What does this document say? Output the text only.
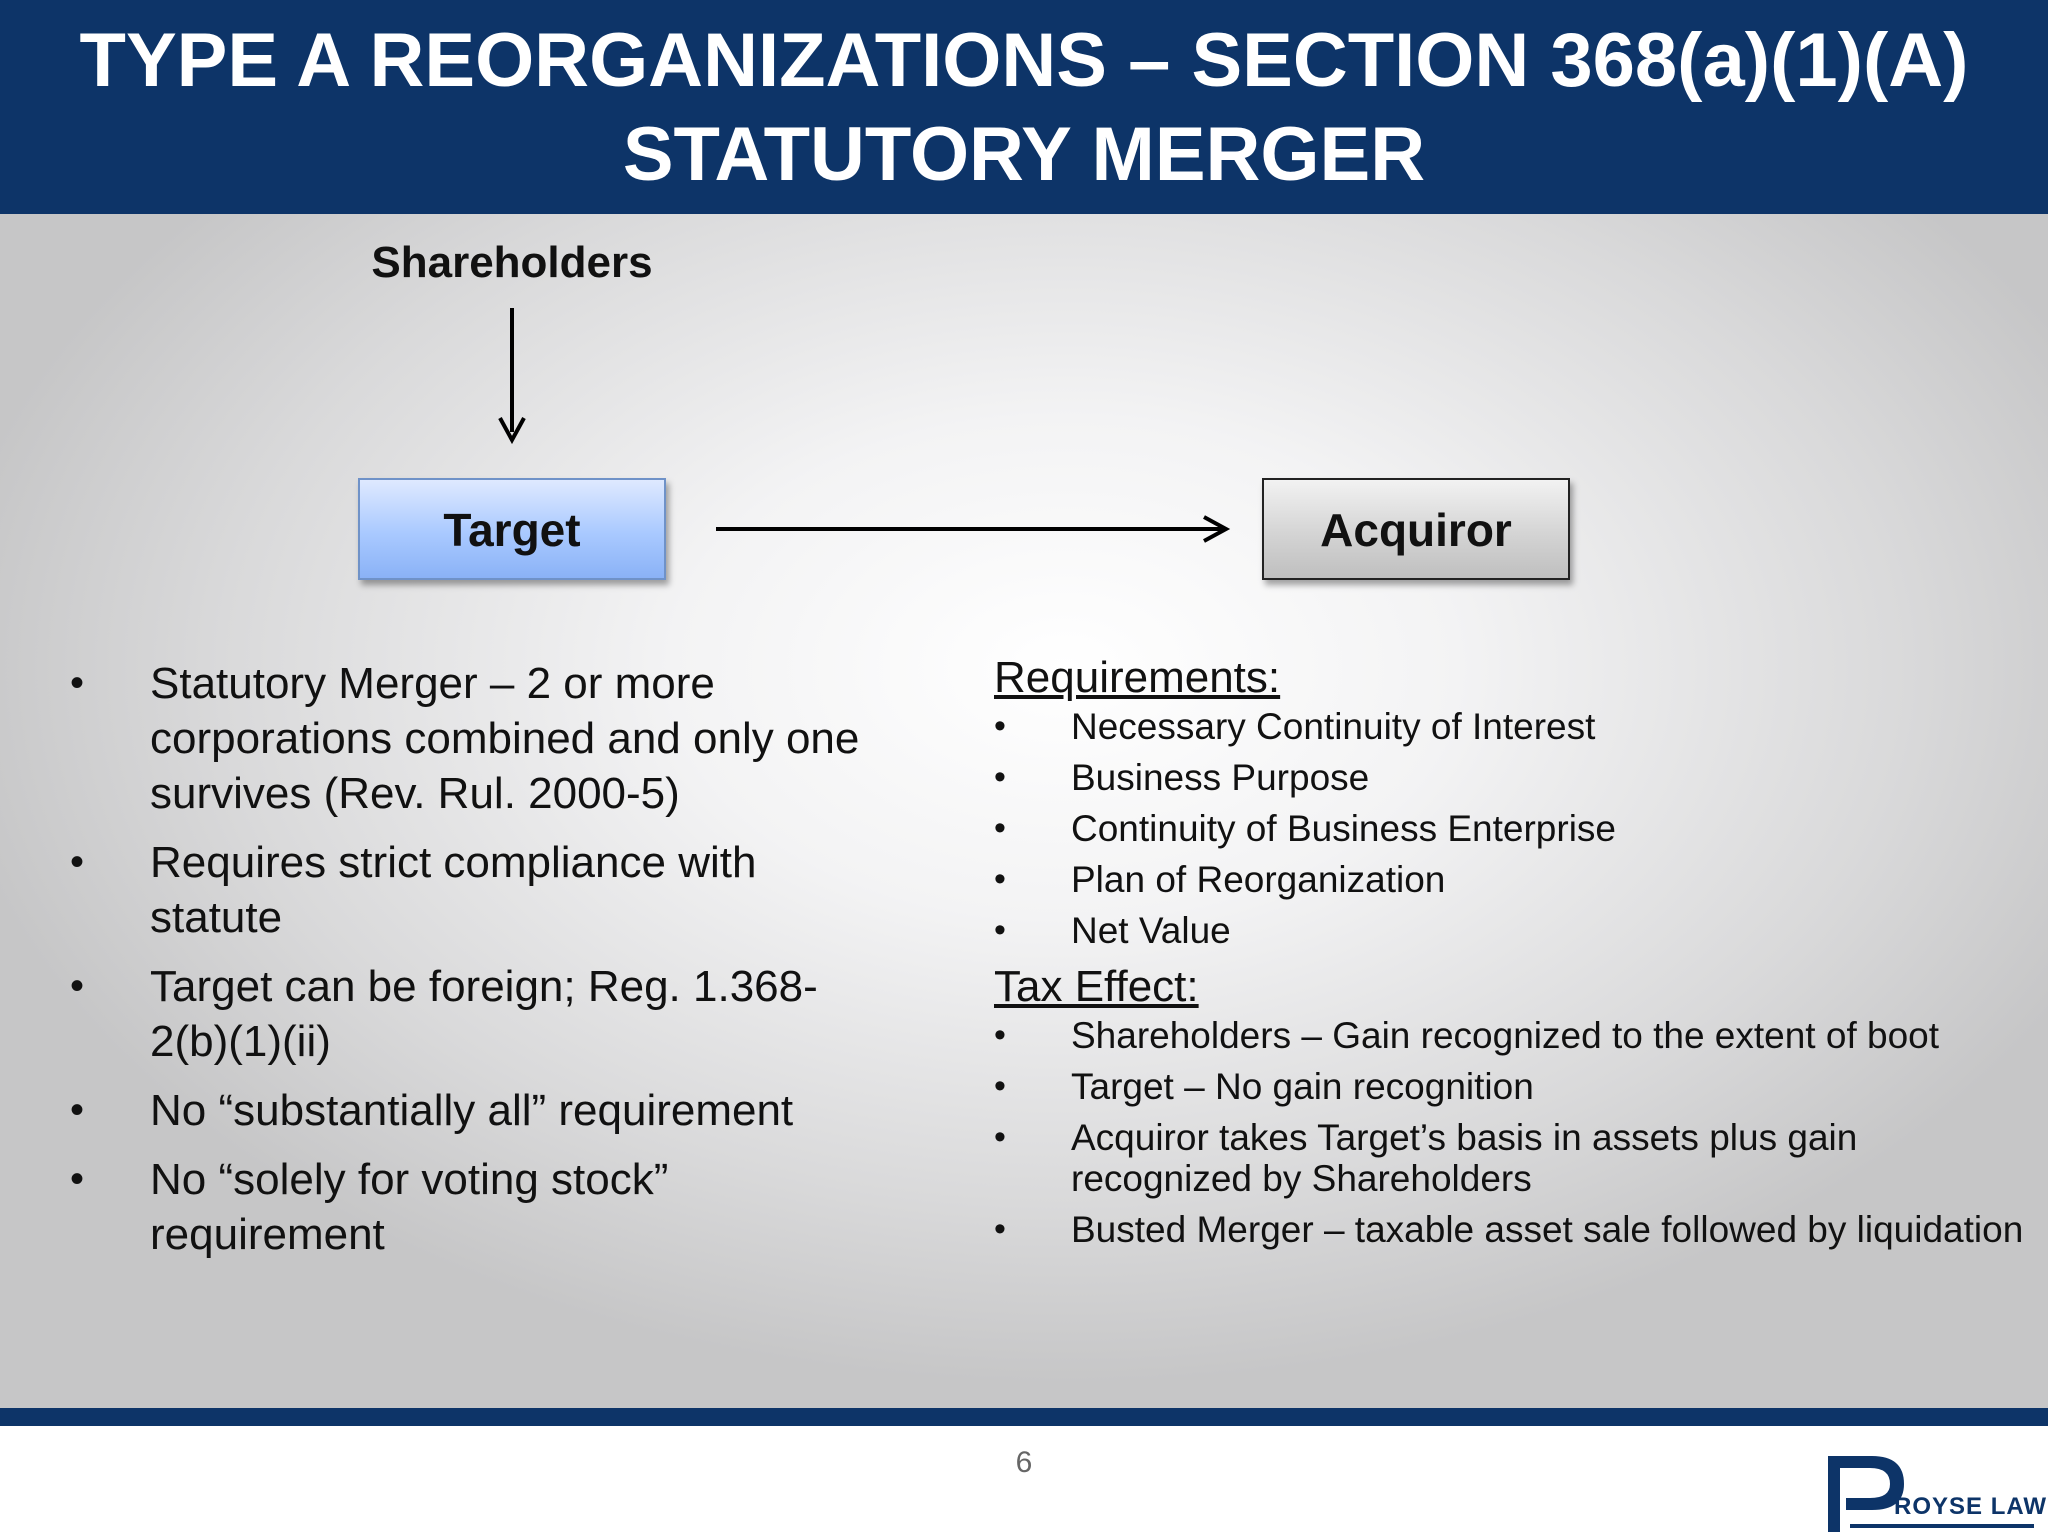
TYPE A REORGANIZATIONS – SECTION 368(a)(1)(A)
STATUTORY MERGER
Shareholders
Target	Acquiror
•	Statutory Merger – 2 or more corporations combined and only one survives (Rev. Rul. 2000-5)
•	Requires strict compliance with statute
•	Target can be foreign; Reg. 1.368-2(b)(1)(ii)
•	No “substantially all” requirement
•	No “solely for voting stock” requirement
Requirements:
•	Necessary Continuity of Interest
•	Business Purpose
•	Continuity of Business Enterprise
•	Plan of Reorganization
•	Net Value
Tax Effect:
•	Shareholders – Gain recognized to the extent of boot
•	Target – No gain recognition
•	Acquiror takes Target’s basis in assets plus gain recognized by Shareholders
•	Busted Merger – taxable asset sale followed by liquidation
6
ROYSE LAW
